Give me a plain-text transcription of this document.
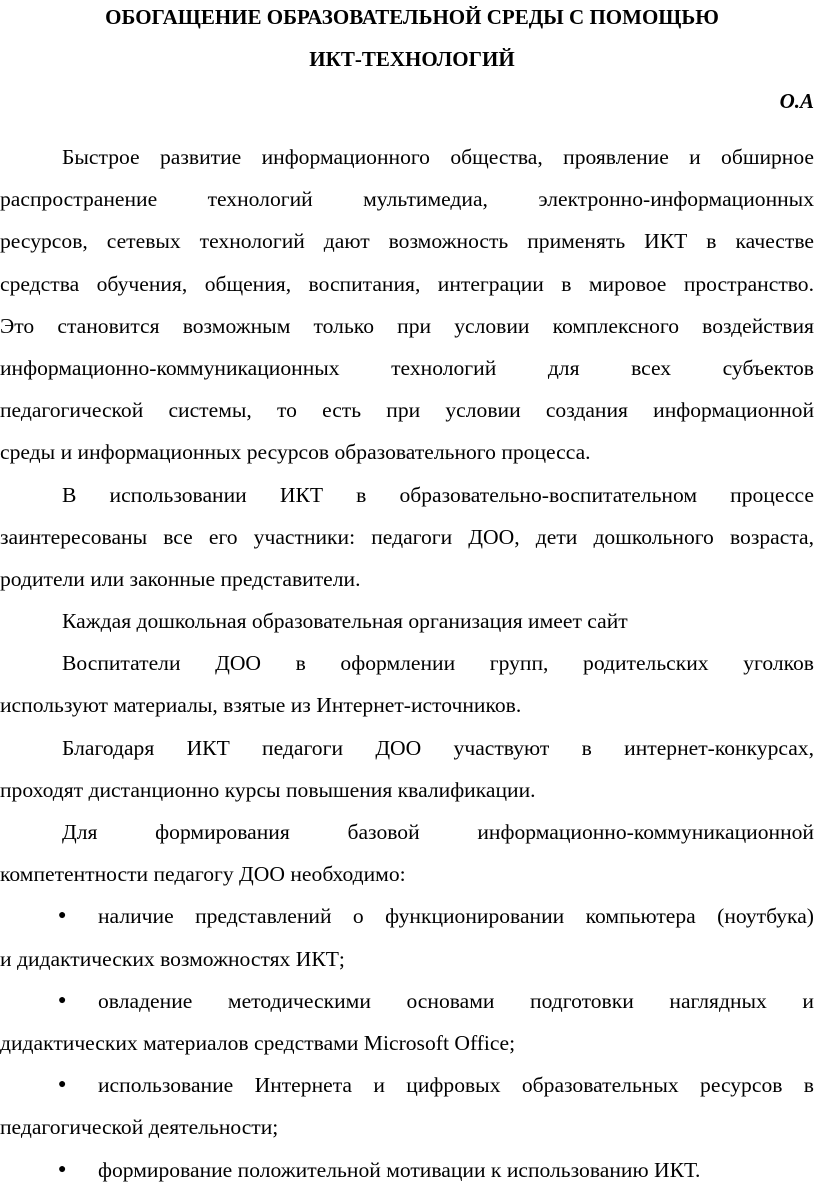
ОБОГАЩЕНИЕ ОБРАЗОВАТЕЛЬНОЙ СРЕДЫ С ПОМОЩЬЮ
ИКТ-ТЕХНОЛОГИЙ
О.А
Быстрое развитие информационного общества, проявление и обширное
распространение технологий мультимедиа, электронно-информационных
ресурсов, сетевых технологий дают возможность применять ИКТ в качестве
средства обучения, общения, воспитания, интеграции в мировое пространство.
Это становится возможным только при условии комплексного воздействия
информационно-коммуникационных технологий для всех субъектов
педагогической системы, то есть при условии создания информационной
среды и информационных ресурсов образовательного процесса.
В использовании ИКТ в образовательно-воспитательном процессе
заинтересованы все его участники: педагоги ДОО, дети дошкольного возраста,
родители или законные представители.
Каждая дошкольная образовательная организация имеет сайт
Воспитатели ДОО в оформлении групп, родительских уголков
используют материалы, взятые из Интернет-источников.
Благодаря ИКТ педагоги ДОО участвуют в интернет-конкурсах,
проходят дистанционно курсы повышения квалификации.
Для формирования базовой информационно-коммуникационной
компетентности педагогу ДОО необходимо:
● наличие представлений о функционировании компьютера (ноутбука)
и дидактических возможностях ИКТ;
● овладение методическими основами подготовки наглядных и
дидактических материалов средствами Microsoft Office;
● использование Интернета и цифровых образовательных ресурсов в
педагогической деятельности;
● формирование положительной мотивации к использованию ИКТ.
